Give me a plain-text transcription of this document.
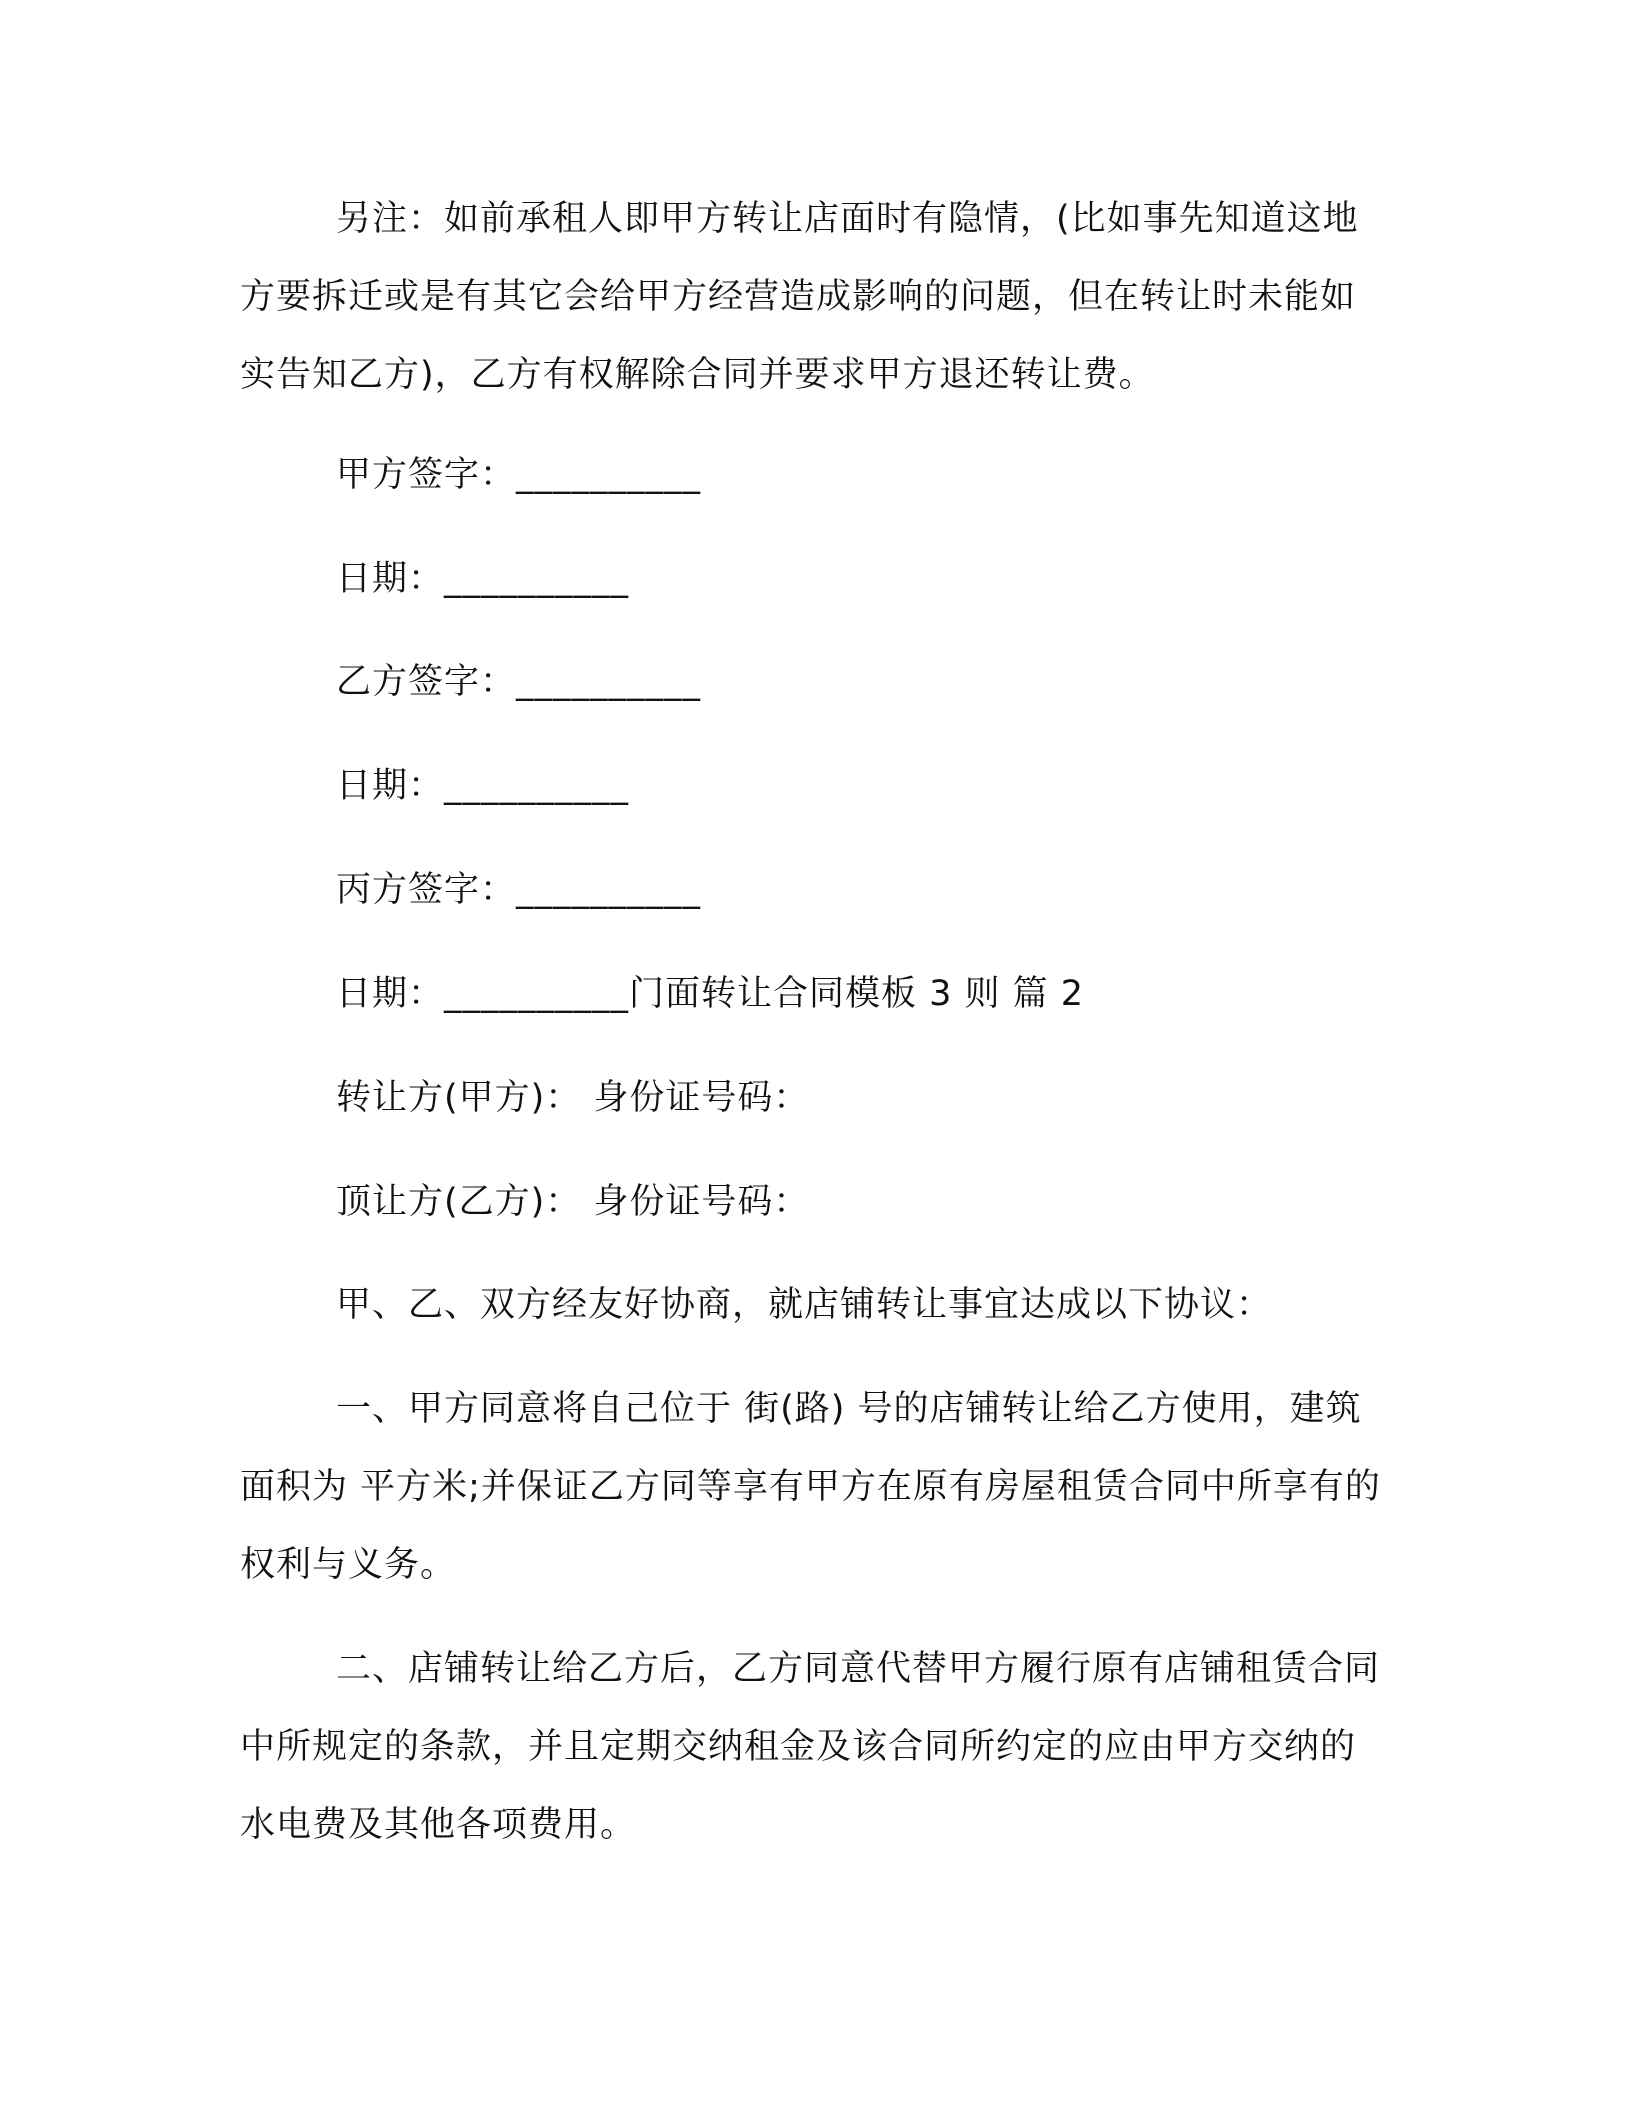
另注：如前承租人即甲方转让店面时有隐情，(比如事先知道这地方要拆迁或是有其它会给甲方经营造成影响的问题，但在转让时未能如实告知乙方)，乙方有权解除合同并要求甲方退还转让费。

甲方签字：__________
日期：__________
乙方签字：__________
日期：__________
丙方签字：__________
日期：__________门面转让合同模板 3 则 篇 2
转让方(甲方)： 身份证号码：
顶让方(乙方)： 身份证号码：
甲、乙、双方经友好协商，就店铺转让事宜达成以下协议：

一、甲方同意将自己位于 街(路) 号的店铺转让给乙方使用，建筑面积为 平方米;并保证乙方同等享有甲方在原有房屋租赁合同中所享有的权利与义务。

二、店铺转让给乙方后，乙方同意代替甲方履行原有店铺租赁合同中所规定的条款，并且定期交纳租金及该合同所约定的应由甲方交纳的水电费及其他各项费用。
